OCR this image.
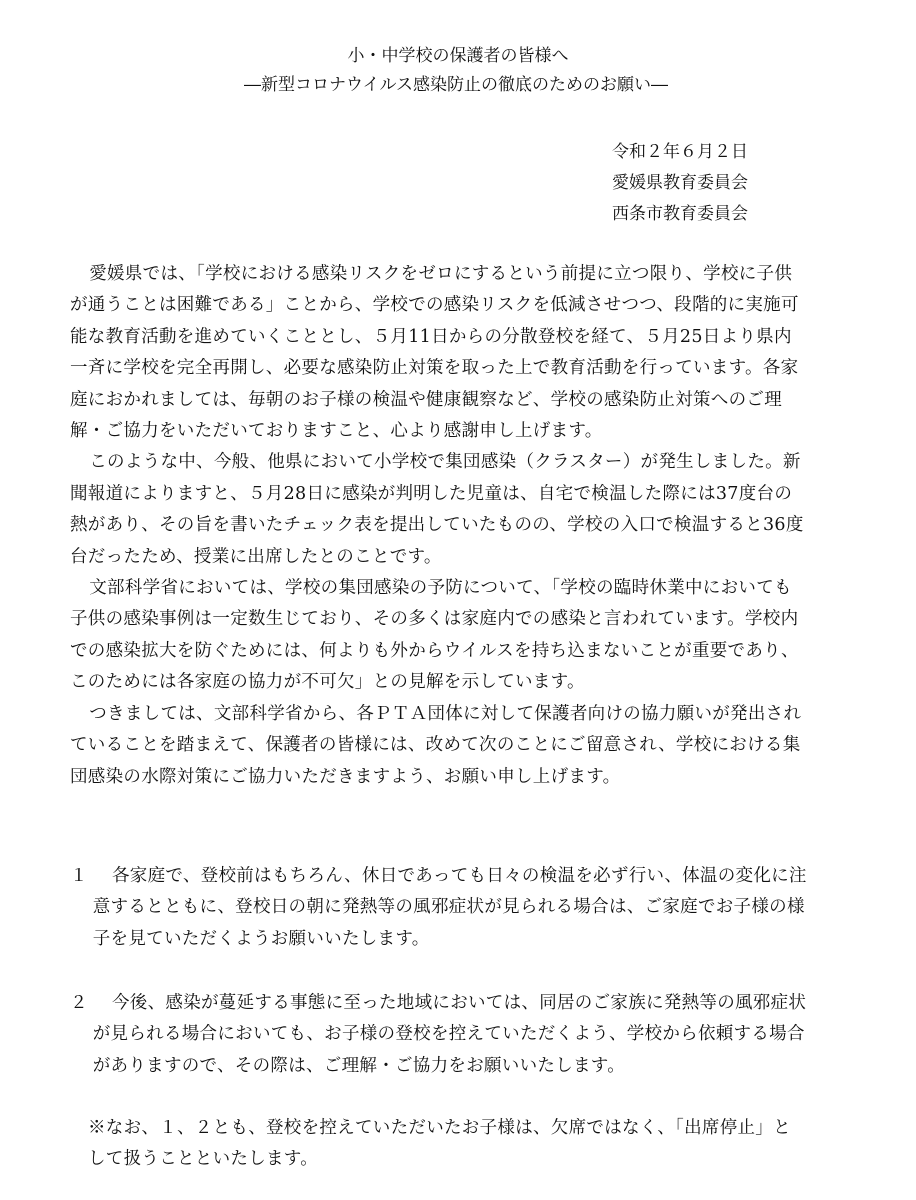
小・中学校の保護者の皆様へ
―新型コロナウイルス感染防止の徹底のためのお願い―
令和２年６月２日
愛媛県教育委員会
西条市教育委員会

愛媛県では、「学校における感染リスクをゼロにするという前提に立つ限り、学校に子供が通うことは困難である」ことから、学校での感染リスクを低減させつつ、段階的に実施可能な教育活動を進めていくこととし、５月11日からの分散登校を経て、５月25日より県内一斉に学校を完全再開し、必要な感染防止対策を取った上で教育活動を行っています。各家庭におかれましては、毎朝のお子様の検温や健康観察など、学校の感染防止対策へのご理解・ご協力をいただいておりますこと、心より感謝申し上げます。

このような中、今般、他県において小学校で集団感染（クラスター）が発生しました。新聞報道によりますと、５月28日に感染が判明した児童は、自宅で検温した際には37度台の熱があり、その旨を書いたチェック表を提出していたものの、学校の入口で検温すると36度台だったため、授業に出席したとのことです。

文部科学省においては、学校の集団感染の予防について、「学校の臨時休業中においても子供の感染事例は一定数生じており、その多くは家庭内での感染と言われています。学校内での感染拡大を防ぐためには、何よりも外からウイルスを持ち込まないことが重要であり、このためには各家庭の協力が不可欠」との見解を示しています。

つきましては、文部科学省から、各ＰＴＡ団体に対して保護者向けの協力願いが発出されていることを踏まえて、保護者の皆様には、改めて次のことにご留意され、学校における集団感染の水際対策にご協力いただきますよう、お願い申し上げます。

１	各家庭で、登校前はもちろん、休日であっても日々の検温を必ず行い、体温の変化に注意するとともに、登校日の朝に発熱等の風邪症状が見られる場合は、ご家庭でお子様の様子を見ていただくようお願いいたします。
２	今後、感染が蔓延する事態に至った地域においては、同居のご家族に発熱等の風邪症状が見られる場合においても、お子様の登校を控えていただくよう、学校から依頼する場合がありますので、その際は、ご理解・ご協力をお願いいたします。
※なお、１、２とも、登校を控えていただいたお子様は、欠席ではなく、「出席停止」として扱うことといたします。
